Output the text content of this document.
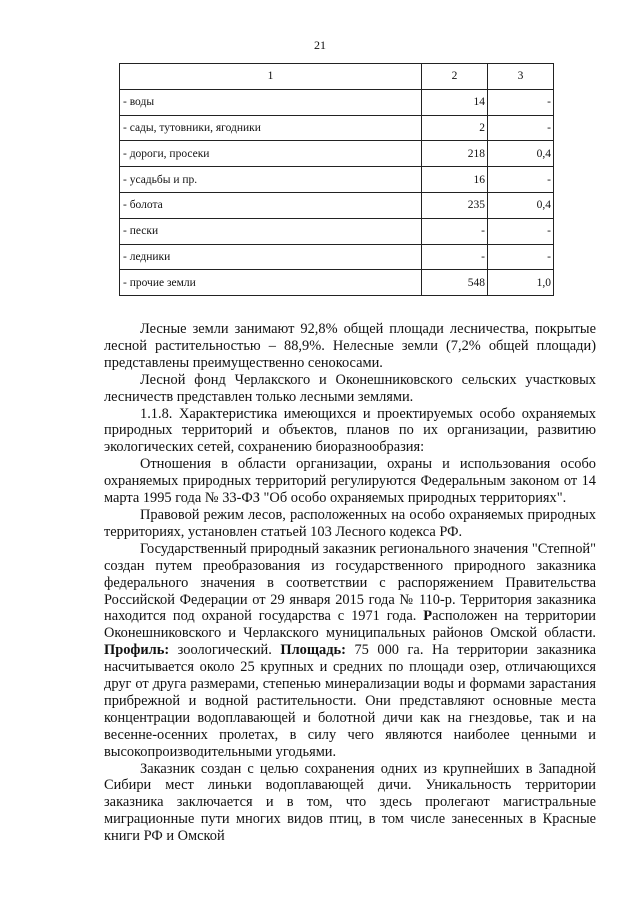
21
1	2	3
- воды	14	-
- сады, тутовники, ягодники	2	-
- дороги, просеки	218	0,4
- усадьбы и пр.	16	-
- болота	235	0,4
- пески	-	-
- ледники	-	-
- прочие земли	548	1,0

Лесные земли занимают 92,8% общей площади лесничества, покрытые лесной растительностью – 88,9%. Нелесные земли (7,2% общей площади) представлены преимущественно сенокосами.

Лесной фонд Черлакского и Оконешниковского сельских участковых лесничеств представлен только лесными землями.

1.1.8. Характеристика имеющихся и проектируемых особо охраняемых природных территорий и объектов, планов по их организации, развитию экологических сетей, сохранению биоразнообразия:

Отношения в области организации, охраны и использования особо охраняемых природных территорий регулируются Федеральным законом от 14 марта 1995 года № 33-ФЗ "Об особо охраняемых природных территориях".

Правовой режим лесов, расположенных на особо охраняемых природных территориях, установлен статьей 103 Лесного кодекса РФ.

Государственный природный заказник регионального значения "Степной" создан путем преобразования из государственного природного заказника федерального значения в соответствии с распоряжением Правительства Российской Федерации от 29 января 2015 года № 110-р. Территория заказника находится под охраной государства с 1971 года. Расположен на территории Оконешниковского и Черлакского муниципальных районов Омской области. Профиль: зоологический. Площадь: 75 000 га. На территории заказника насчитывается около 25 крупных и средних по площади озер, отличающихся друг от друга размерами, степенью минерализации воды и формами зарастания прибрежной и водной растительности. Они представляют основные места концентрации водоплавающей и болотной дичи как на гнездовье, так и на весенне-осенних пролетах, в силу чего являются наиболее ценными и высокопроизводительными угодьями.

Заказник создан с целью сохранения одних из крупнейших в Западной Сибири мест линьки водоплавающей дичи. Уникальность территории заказника заключается и в том, что здесь пролегают магистральные миграционные пути многих видов птиц, в том числе занесенных в Красные книги РФ и Омской
